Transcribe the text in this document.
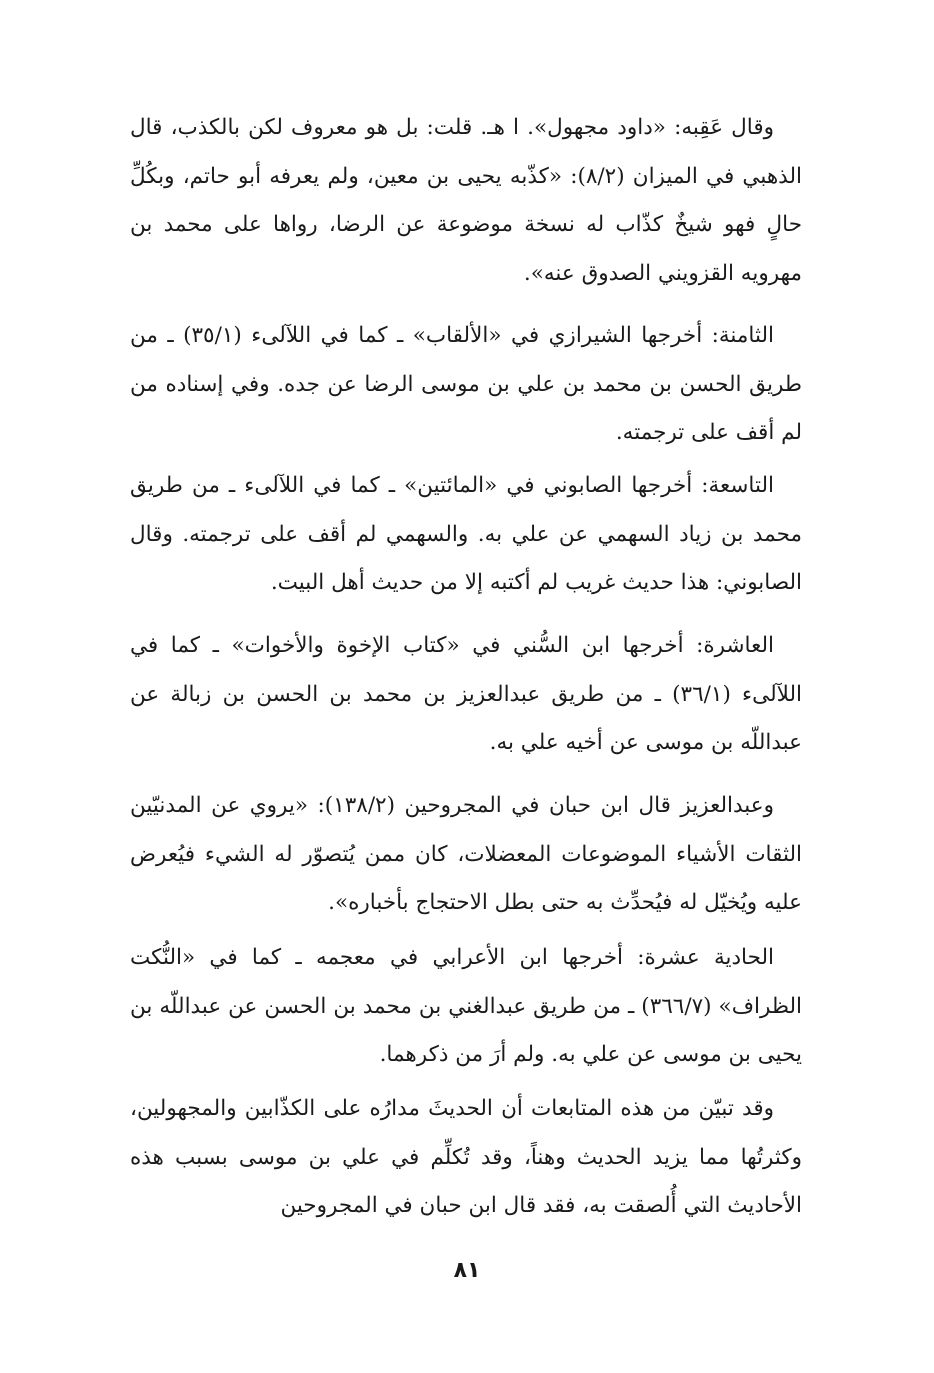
وقال عَقِبه: «داود مجهول». ا هـ. قلت: بل هو معروف لكن بالكذب، قال الذهبي في الميزان (٨/٢): «كذّبه يحيى بن معين، ولم يعرفه أبو حاتم، وبكُلِّ حالٍ فهو شيخٌ كذّاب له نسخة موضوعة عن الرضا، رواها على محمد بن مهرويه القزويني الصدوق عنه».

الثامنة: أخرجها الشيرازي في «الألقاب» ـ كما في اللآلىء (٣٥/١) ـ من طريق الحسن بن محمد بن علي بن موسى الرضا عن جده. وفي إسناده من لم أقف على ترجمته.

التاسعة: أخرجها الصابوني في «المائتين» ـ كما في اللآلىء ـ من طريق محمد بن زياد السهمي عن علي به. والسهمي لم أقف على ترجمته. وقال الصابوني: هذا حديث غريب لم أكتبه إلا من حديث أهل البيت.

العاشرة: أخرجها ابن السُّني في «كتاب الإخوة والأخوات» ـ كما في اللآلىء (٣٦/١) ـ من طريق عبدالعزيز بن محمد بن الحسن بن زبالة عن عبداللّه بن موسى عن أخيه علي به.

وعبدالعزيز قال ابن حبان في المجروحين (١٣٨/٢): «يروي عن المدنيّين الثقات الأشياء الموضوعات المعضلات، كان ممن يُتصوّر له الشيء فيُعرض عليه ويُخيّل له فيُحدِّث به حتى بطل الاحتجاج بأخباره».

الحادية عشرة: أخرجها ابن الأعرابي في معجمه ـ كما في «النُّكت الظراف» (٣٦٦/٧) ـ من طريق عبدالغني بن محمد بن الحسن عن عبداللّه بن يحيى بن موسى عن علي به. ولم أرَ من ذكرهما.

وقد تبيّن من هذه المتابعات أن الحديثَ مدارُه على الكذّابين والمجهولين، وكثرتُها مما يزيد الحديث وهناً، وقد تُكلِّم في علي بن موسى بسبب هذه الأحاديث التي أُلصقت به، فقد قال ابن حبان في المجروحين

٨١
